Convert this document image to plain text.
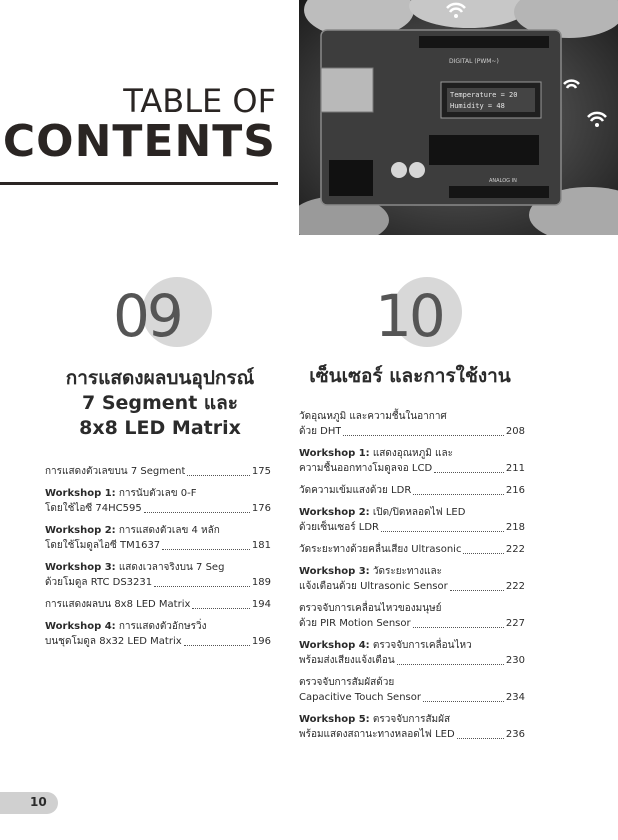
TABLE OF
CONTENTS
Temperature = 20
Humidity = 48
DIGITAL (PWM~)
ANALOG IN
09
การแสดงผลบนอุปกรณ์
7 Segment และ
8x8 LED Matrix
10
เซ็นเซอร์ และการใช้งาน
การแสดงตัวเลขบน 7 Segment	175
Workshop 1: การนับตัวเลข 0-F
โดยใช้ไอซี 74HC595	176
Workshop 2: การแสดงตัวเลข 4 หลัก
โดยใช้โมดูลไอซี TM1637	181
Workshop 3: แสดงเวลาจริงบน 7 Seg
ด้วยโมดูล RTC DS3231	189
การแสดงผลบน 8x8 LED Matrix	194
Workshop 4: การแสดงตัวอักษรวิ่ง
บนชุดโมดูล 8x32 LED Matrix	196
วัดอุณหภูมิ และความชื้นในอากาศ
ด้วย DHT	208
Workshop 1: แสดงอุณหภูมิ และ
ความชื้นออกทางโมดูลจอ LCD	211
วัดความเข้มแสงด้วย LDR	216
Workshop 2: เปิด/ปิดหลอดไฟ LED
ด้วยเซ็นเซอร์ LDR	218
วัดระยะทางด้วยคลื่นเสียง Ultrasonic	222
Workshop 3: วัดระยะทางและ
แจ้งเตือนด้วย Ultrasonic Sensor	222
ตรวจจับการเคลื่อนไหวของมนุษย์
ด้วย PIR Motion Sensor	227
Workshop 4: ตรวจจับการเคลื่อนไหว
พร้อมส่งเสียงแจ้งเตือน	230
ตรวจจับการสัมผัสด้วย
Capacitive Touch Sensor	234
Workshop 5: ตรวจจับการสัมผัส
พร้อมแสดงสถานะทางหลอดไฟ LED	236
10
